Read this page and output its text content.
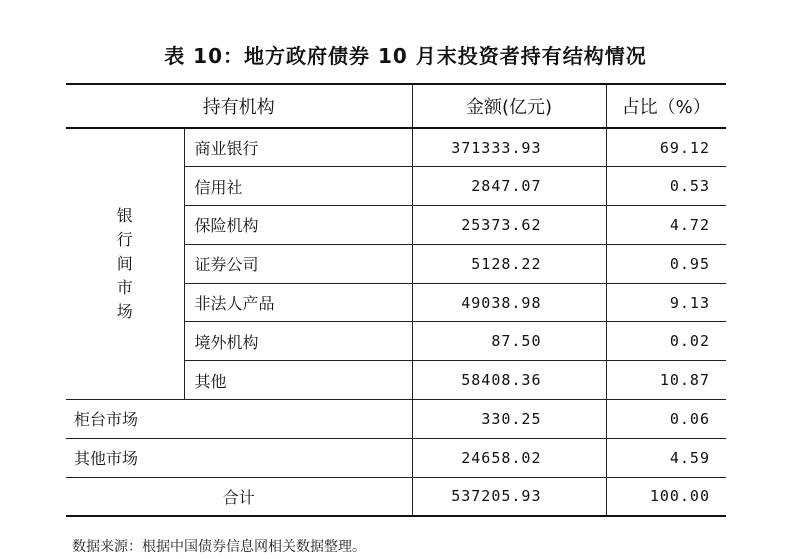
表 10：地方政府债券 10 月末投资者持有结构情况
持有机构		金额(亿元)	占比（%）
银行间市场	商业银行	371333.93	69.12
	信用社	2847.07	0.53
	保险机构	25373.62	4.72
	证券公司	5128.22	0.95
	非法人产品	49038.98	9.13
	境外机构	87.50	0.02
	其他	58408.36	10.87
柜台市场		330.25	0.06
其他市场		24658.02	4.59
合计		537205.93	100.00
数据来源：根据中国债券信息网相关数据整理。
